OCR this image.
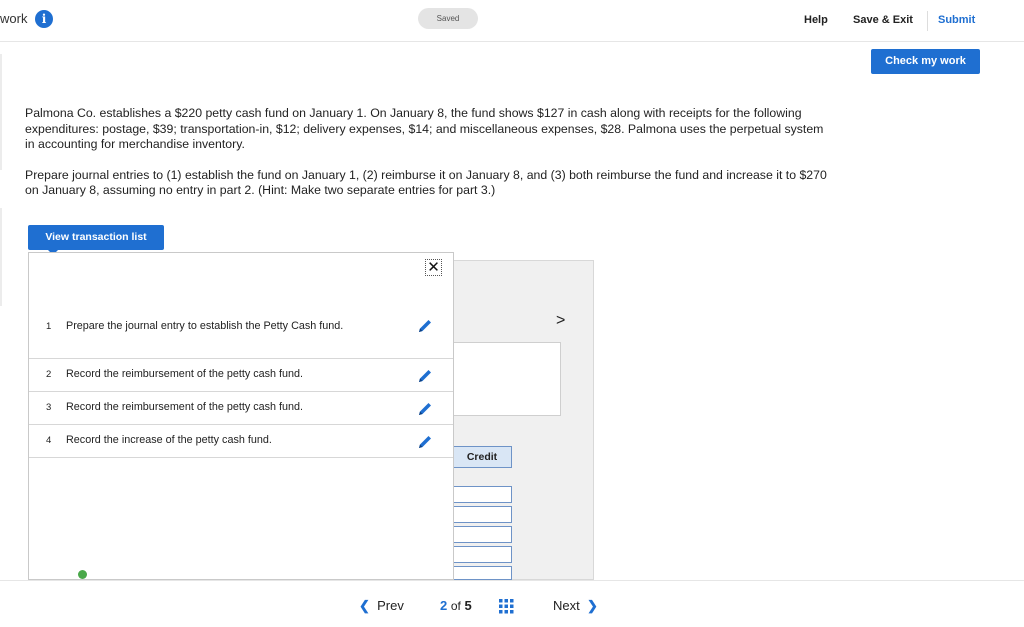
work	i	Saved	Help Save & Exit Submit
Check my work

Palmona Co. establishes a $220 petty cash fund on January 1. On January 8, the fund shows $127 in cash along with receipts for the following expenditures: postage, $39; transportation-in, $12; delivery expenses, $14; and miscellaneous expenses, $28. Palmona uses the perpetual system in accounting for merchandise inventory.

Prepare journal entries to (1) establish the fund on January 1, (2) reimburse it on January 8, and (3) both reimburse the fund and increase it to $270 on January 8, assuming no entry in part 2. (Hint: Make two separate entries for part 3.)

View transaction list
>
Credit
✕
1 Prepare the journal entry to establish the Petty Cash fund.
2 Record the reimbursement of the petty cash fund.
3 Record the reimbursement of the petty cash fund.
4 Record the increase of the petty cash fund.
❮ Prev	2 of 5	Next ❯
